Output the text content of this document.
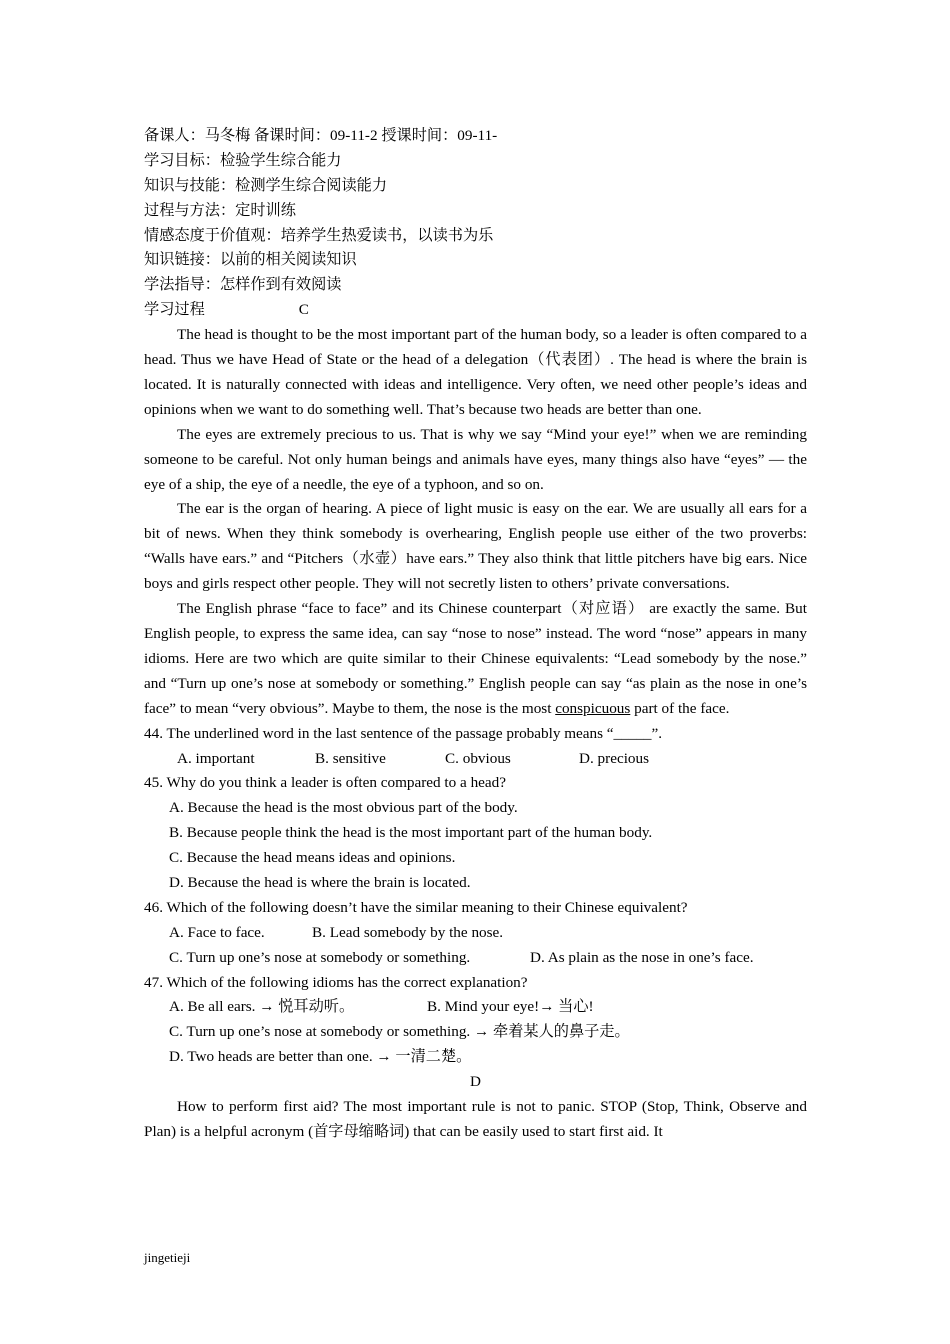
备课人：马冬梅 备课时间：09-11-2 授课时间：09-11-
学习目标：检验学生综合能力
知识与技能：检测学生综合阅读能力
过程与方法：定时训练
情感态度于价值观：培养学生热爱读书，以读书为乐
知识链接：以前的相关阅读知识
学法指导：怎样作到有效阅读
学习过程	C

The head is thought to be the most important part of the human body, so a leader is often compared to a head. Thus we have Head of State or the head of a delegation（代表团）. The head is where the brain is located. It is naturally connected with ideas and intelligence. Very often, we need other people’s ideas and opinions when we want to do something well. That’s because two heads are better than one.

The eyes are extremely precious to us. That is why we say “Mind your eye!” when we are reminding someone to be careful. Not only human beings and animals have eyes, many things also have “eyes” — the eye of a ship, the eye of a needle, the eye of a typhoon, and so on.

The ear is the organ of hearing. A piece of light music is easy on the ear. We are usually all ears for a bit of news. When they think somebody is overhearing, English people use either of the two proverbs: “Walls have ears.” and “Pitchers（水壶）have ears.” They also think that little pitchers have big ears. Nice boys and girls respect other people. They will not secretly listen to others’ private conversations.

The English phrase “face to face” and its Chinese counterpart（对应语） are exactly the same. But English people, to express the same idea, can say “nose to nose” instead. The word “nose” appears in many idioms. Here are two which are quite similar to their Chinese equivalents: “Lead somebody by the nose.” and “Turn up one’s nose at somebody or something.” English people can say “as plain as the nose in one’s face” to mean “very obvious”. Maybe to them, the nose is the most conspicuous part of the face.

44. The underlined word in the last sentence of the passage probably means “_____”.
A. important	B. sensitive	C. obvious	D. precious
45. Why do you think a leader is often compared to a head?
A. Because the head is the most obvious part of the body.
B. Because people think the head is the most important part of the human body.
C. Because the head means ideas and opinions.
D. Because the head is where the brain is located.
46. Which of the following doesn’t have the similar meaning to their Chinese equivalent?
A. Face to face.	B. Lead somebody by the nose.
C. Turn up one’s nose at somebody or something.	D. As plain as the nose in one’s face.
47. Which of the following idioms has the correct explanation?
A. Be all ears. → 悦耳动听。	B. Mind your eye!→ 当心!
C. Turn up one’s nose at somebody or something. → 牵着某人的鼻子走。
D. Two heads are better than one. → 一清二楚。
D

How to perform first aid? The most important rule is not to panic. STOP (Stop, Think, Observe and Plan) is a helpful acronym (首字母缩略词) that can be easily used to start first aid. It

jingetieji
